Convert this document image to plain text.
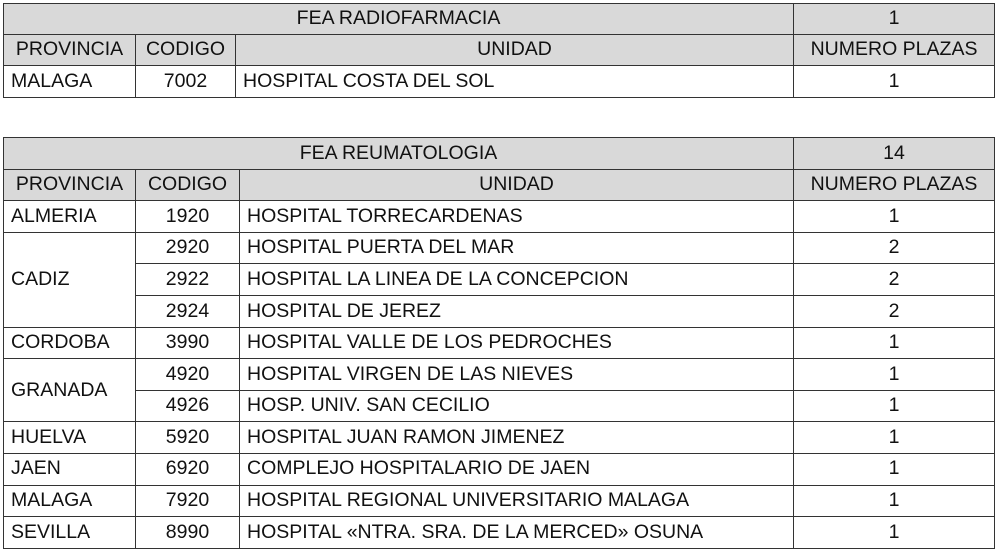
FEA RADIOFARMACIA			1
PROVINCIA	CODIGO	UNIDAD	NUMERO PLAZAS
MALAGA	7002	HOSPITAL COSTA DEL SOL	1
FEA REUMATOLOGIA			14
PROVINCIA	CODIGO	UNIDAD	NUMERO PLAZAS
ALMERIA	1920	HOSPITAL TORRECARDENAS	1
CADIZ	2920	HOSPITAL PUERTA DEL MAR	2
	2922	HOSPITAL LA LINEA DE LA CONCEPCION	2
	2924	HOSPITAL DE JEREZ	2
CORDOBA	3990	HOSPITAL VALLE DE LOS PEDROCHES	1
GRANADA	4920	HOSPITAL VIRGEN DE LAS NIEVES	1
	4926	HOSP. UNIV. SAN CECILIO	1
HUELVA	5920	HOSPITAL JUAN RAMON JIMENEZ	1
JAEN	6920	COMPLEJO HOSPITALARIO DE JAEN	1
MALAGA	7920	HOSPITAL REGIONAL UNIVERSITARIO MALAGA	1
SEVILLA	8990	HOSPITAL «NTRA. SRA. DE LA MERCED» OSUNA	1
